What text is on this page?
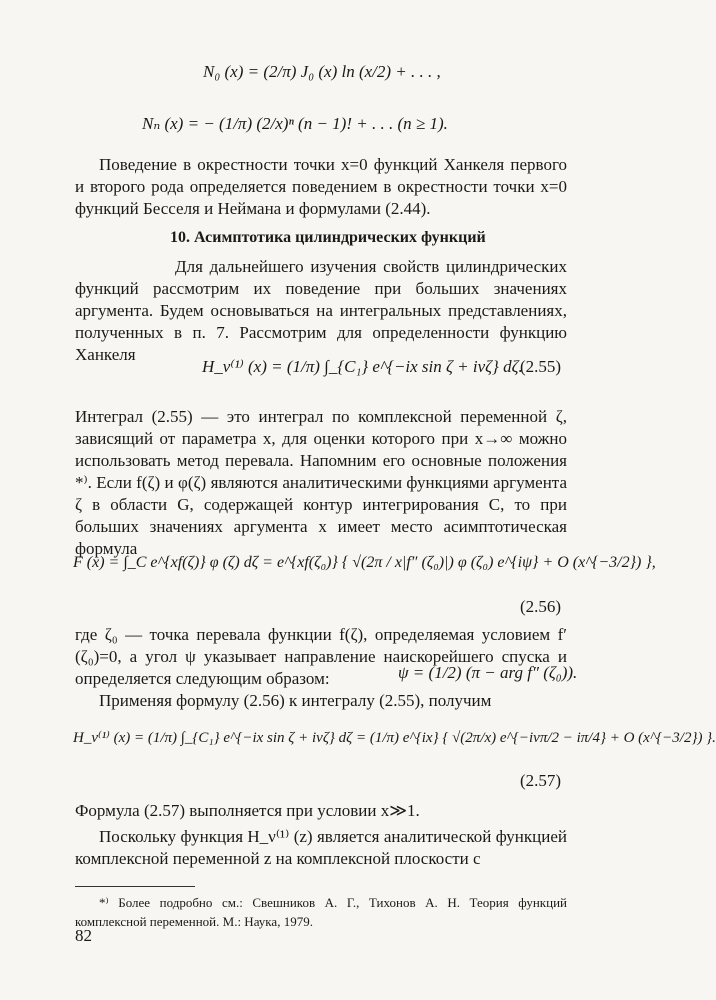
N₀ (x) = (2/π) J₀ (x) ln (x/2) + . . . ,
Nₙ (x) = − (1/π) (2/x)ⁿ (n − 1)! + . . . (n ≥ 1).
Поведение в окрестности точки x=0 функций Ханкеля первого и второго рода определяется поведением в окрестности точки x=0 функций Бесселя и Неймана и формулами (2.44).
10. Асимптотика цилиндрических функций
Для дальнейшего изучения свойств цилиндрических функций рассмотрим их поведение при больших значениях аргумента. Будем основываться на интегральных представлениях, полученных в п. 7. Рассмотрим для определенности функцию Ханкеля
H_ν⁽¹⁾ (x) = (1/π) ∫_{C₁} e^{−ix sin ζ + iνζ} dζ.
(2.55)
Интеграл (2.55) — это интеграл по комплексной переменной ζ, зависящий от параметра x, для оценки которого при x→∞ можно использовать метод перевала. Напомним его основные положения *⁾. Если f(ζ) и φ(ζ) являются аналитическими функциями аргумента ζ в области G, содержащей контур интегрирования C, то при больших значениях аргумента x имеет место асимптотическая формула
F (x) = ∫_C e^{xf(ζ)} φ (ζ) dζ = e^{xf(ζ₀)} { √(2π / x|f″ (ζ₀)|) φ (ζ₀) e^{iψ} + O (x^{−3/2}) },
(2.56)
где ζ₀ — точка перевала функции f(ζ), определяемая условием f′(ζ₀)=0, а угол ψ указывает направление наискорейшего спуска и определяется следующим образом:	ψ = (1/2) (π − arg f″ (ζ₀)).
Применяя формулу (2.56) к интегралу (2.55), получим
H_ν⁽¹⁾ (x) = (1/π) ∫_{C₁} e^{−ix sin ζ + iνζ} dζ = (1/π) e^{ix} { √(2π/x) e^{−iνπ/2 − iπ/4} + O (x^{−3/2}) }.
(2.57)
Формула (2.57) выполняется при условии x≫1.
Поскольку функция H_ν⁽¹⁾ (z) является аналитической функцией комплексной переменной z на комплексной плоскости с
*⁾ Более подробно см.: Свешников А. Г., Тихонов А. Н. Теория функций комплексной переменной. М.: Наука, 1979.
82
